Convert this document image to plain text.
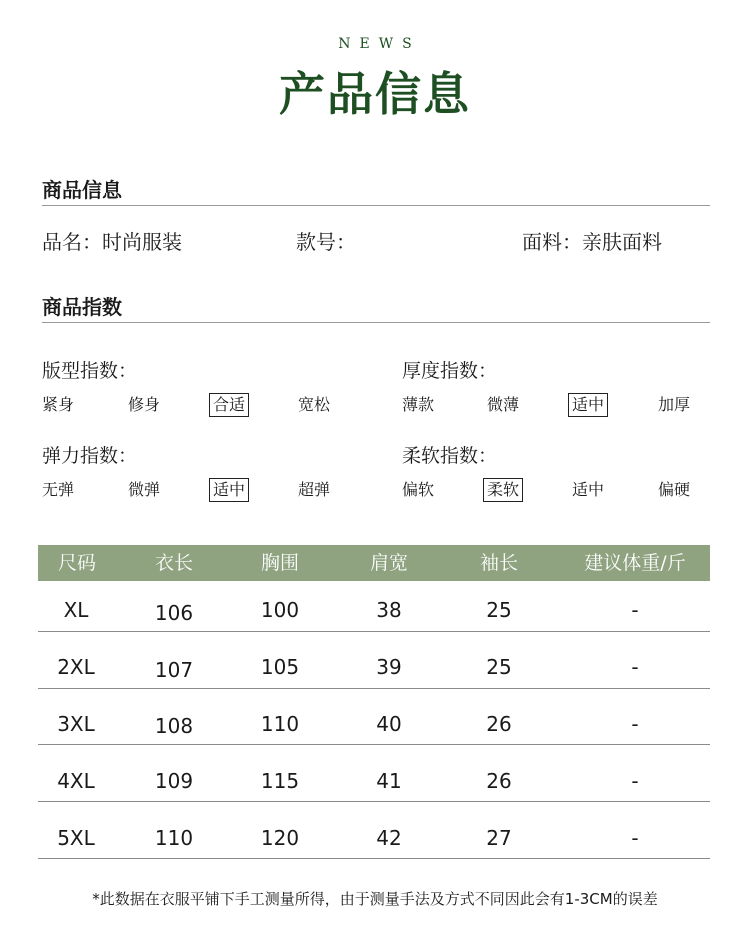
NEWS
产品信息
商品信息
品名：时尚服装	款号：	面料：亲肤面料
商品指数
版型指数：
紧身	修身	合适	宽松
厚度指数：
薄款	微薄	适中	加厚
弹力指数：
无弹	微弹	适中	超弹
柔软指数：
偏软	柔软	适中	偏硬
尺码	衣长	胸围	肩宽	袖长	建议体重/斤
XL	106	100	38	25	-
2XL	107	105	39	25	-
3XL	108	110	40	26	-
4XL	109	115	41	26	-
5XL	110	120	42	27	-
*此数据在衣服平铺下手工测量所得，由于测量手法及方式不同因此会有1-3CM的误差
